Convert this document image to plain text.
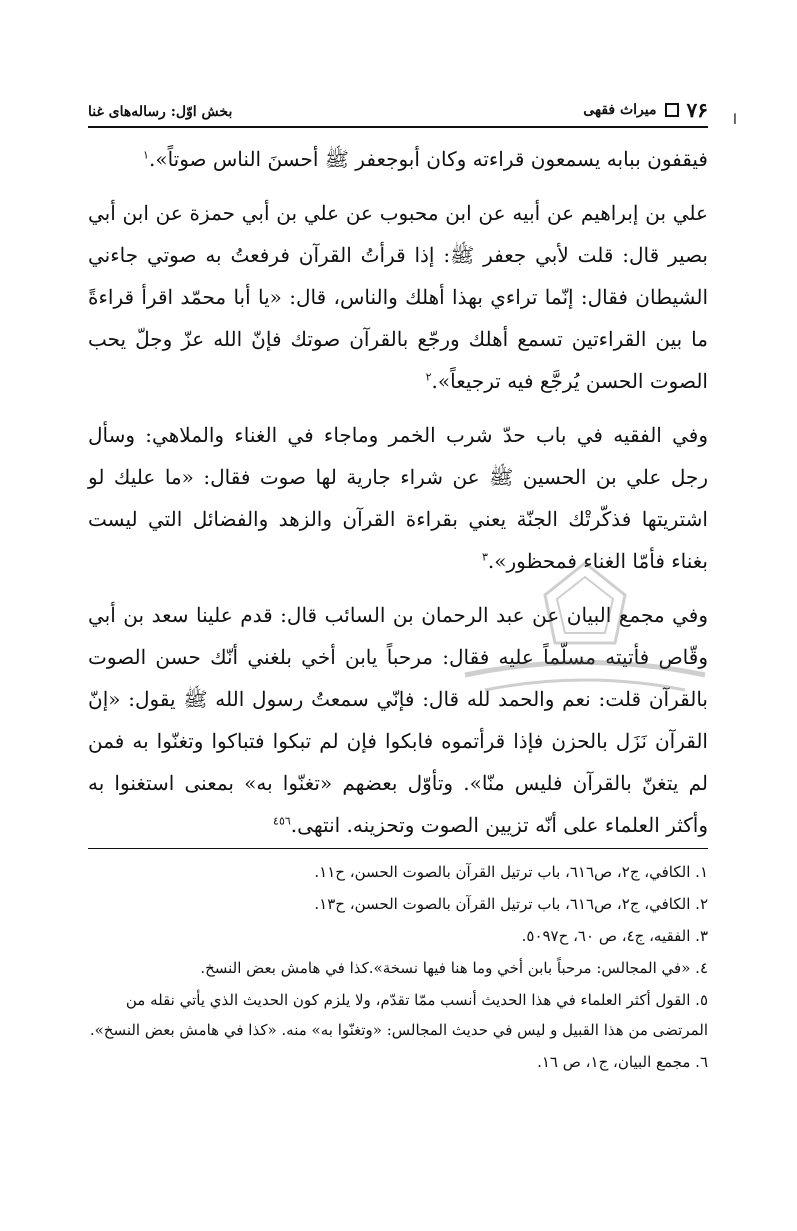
بخش اوّل: رساله‌های غنا	۷۶
میراث فقهی
ا

فيقفون ببابه يسمعون قراءته وكان أبوجعفر ﷺ أحسنَ الناس صوتاً».$^١$

علي بن إبراهيم عن أبيه عن ابن محبوب عن علي بن أبي حمزة عن ابن أبي بصير قال: قلت لأبي جعفر ﷺ: إذا قرأتُ القرآن فرفعتُ به صوتي جاءني الشيطان فقال: إنّما تراءي بهذا أهلك والناس، قال: «يا أبا محمّد اقرأ قراءةً ما بين القراءتين تسمع أهلك ورجّع بالقرآن صوتك فإنّ الله عزّ وجلّ يحب الصوت الحسن يُرجَّع فيه ترجيعاً».$^٢$

وفي الفقيه في باب حدّ شرب الخمر وماجاء في الغناء والملاهي: وسأل رجل علي بن الحسين ﷺ عن شراء جارية لها صوت فقال: «ما عليك لو اشتريتها فذكّرتْك الجنّة يعني بقراءة القرآن والزهد والفضائل التي ليست بغناء فأمّا الغناء فمحظور».$^٣$

وفي مجمع البيان عن عبد الرحمان بن السائب قال: قدم علينا سعد بن أبي وقّاص فأتيته مسلّماً عليه فقال: مرحباً يابن أخي بلغني أنّك حسن الصوت بالقرآن قلت: نعم والحمد لله قال: فإنّي سمعتُ رسول الله ﷺ يقول: «إنّ القرآن نَزَل بالحزن فإذا قرأتموه فابكوا فإن لم تبكوا فتباكوا وتغنّوا به فمن لم يتغنّ بالقرآن فليس منّا». وتأوّل بعضهم «تغنّوا به» بمعنى استغنوا به وأكثر العلماء على أنّه تزيين الصوت وتحزينه. انتهى.$^{٤٥٦}$

١. الكافي، ج٢، ص٦١٦، باب ترتيل القرآن بالصوت الحسن، ح١١.
٢. الكافي، ج٢، ص٦١٦، باب ترتيل القرآن بالصوت الحسن، ح١٣.
٣. الفقيه، ج٤، ص ٦٠، ح٥٠٩٧.
٤. «في المجالس: مرحباً بابن أخي وما هنا فيها نسخة».كذا في هامش بعض النسخ.
٥. القول أكثر العلماء في هذا الحديث أنسب ممّا تقدّم، ولا يلزم كون الحديث الذي يأتي نقله من المرتضى من هذا القبيل و ليس في حديث المجالس: «وتغنّوا به» منه. «كذا في هامش بعض النسخ».
٦. مجمع البيان، ج١، ص ١٦.
